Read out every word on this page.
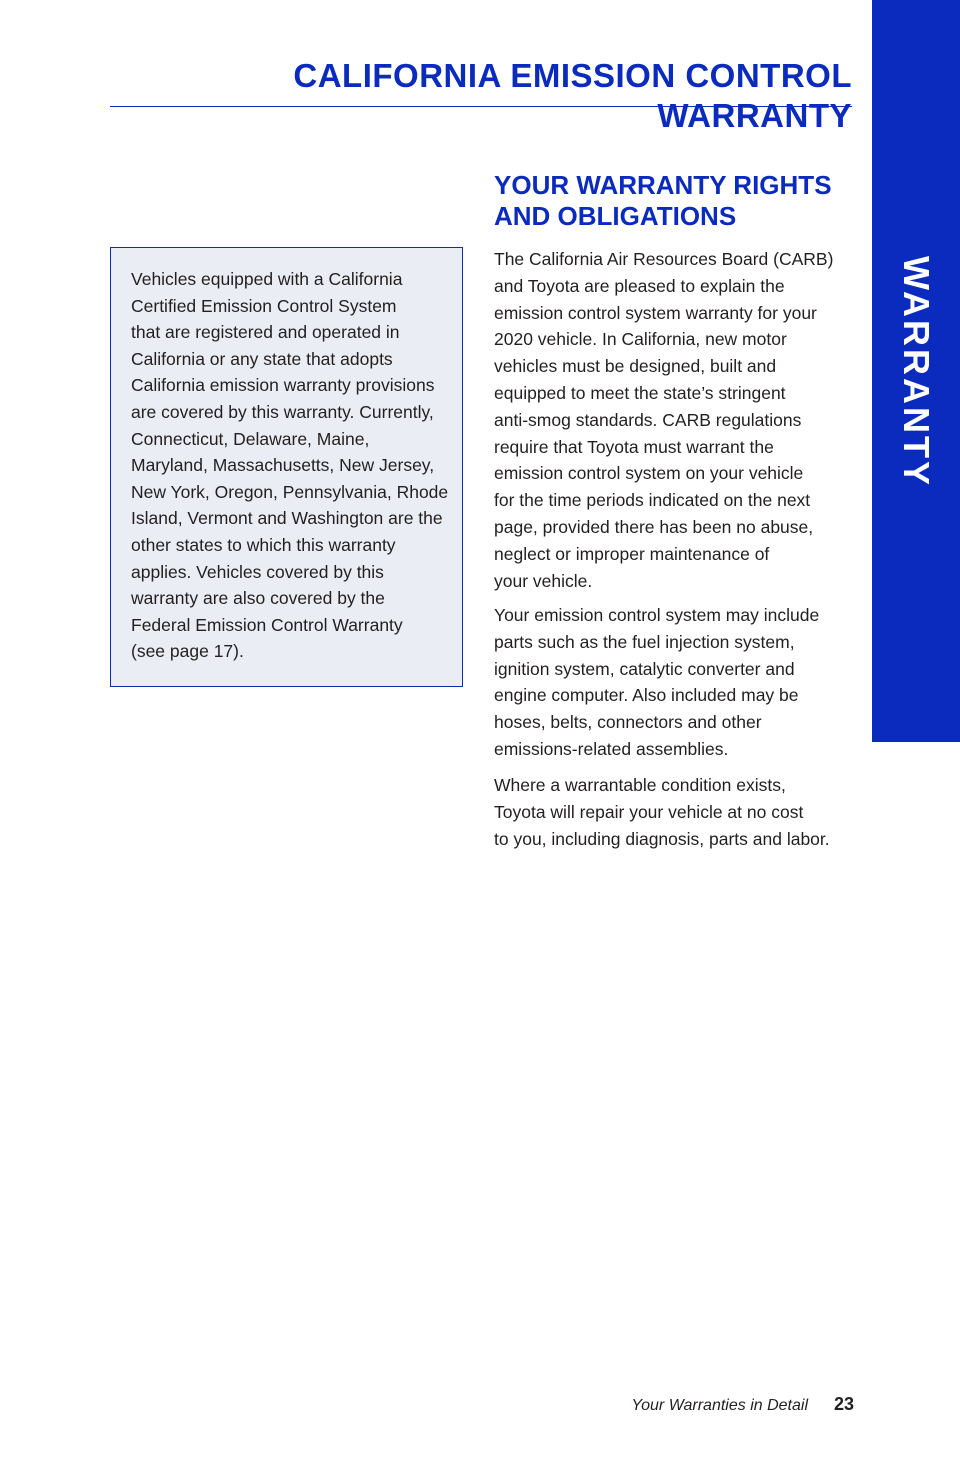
WARRANTY
CALIFORNIA EMISSION CONTROL WARRANTY

Vehicles equipped with a California
Certified Emission Control System
that are registered and operated in
California or any state that adopts
California emission warranty provisions
are covered by this warranty. Currently,
Connecticut, Delaware, Maine,
Maryland, Massachusetts, New Jersey,
New York, Oregon, Pennsylvania, Rhode
Island, Vermont and Washington are the
other states to which this warranty
applies. Vehicles covered by this
warranty are also covered by the
Federal Emission Control Warranty
(see page 17).

YOUR WARRANTY RIGHTS
AND OBLIGATIONS

The California Air Resources Board (CARB)
and Toyota are pleased to explain the
emission control system warranty for your
2020 vehicle. In California, new motor
vehicles must be designed, built and
equipped to meet the state’s stringent
anti-smog standards. CARB regulations
require that Toyota must warrant the
emission control system on your vehicle
for the time periods indicated on the next
page, provided there has been no abuse,
neglect or improper maintenance of
your vehicle.

Your emission control system may include
parts such as the fuel injection system,
ignition system, catalytic converter and
engine computer. Also included may be
hoses, belts, connectors and other
emissions-related assemblies.

Where a warrantable condition exists,
Toyota will repair your vehicle at no cost
to you, including diagnosis, parts and labor.

Your Warranties in Detail	23
